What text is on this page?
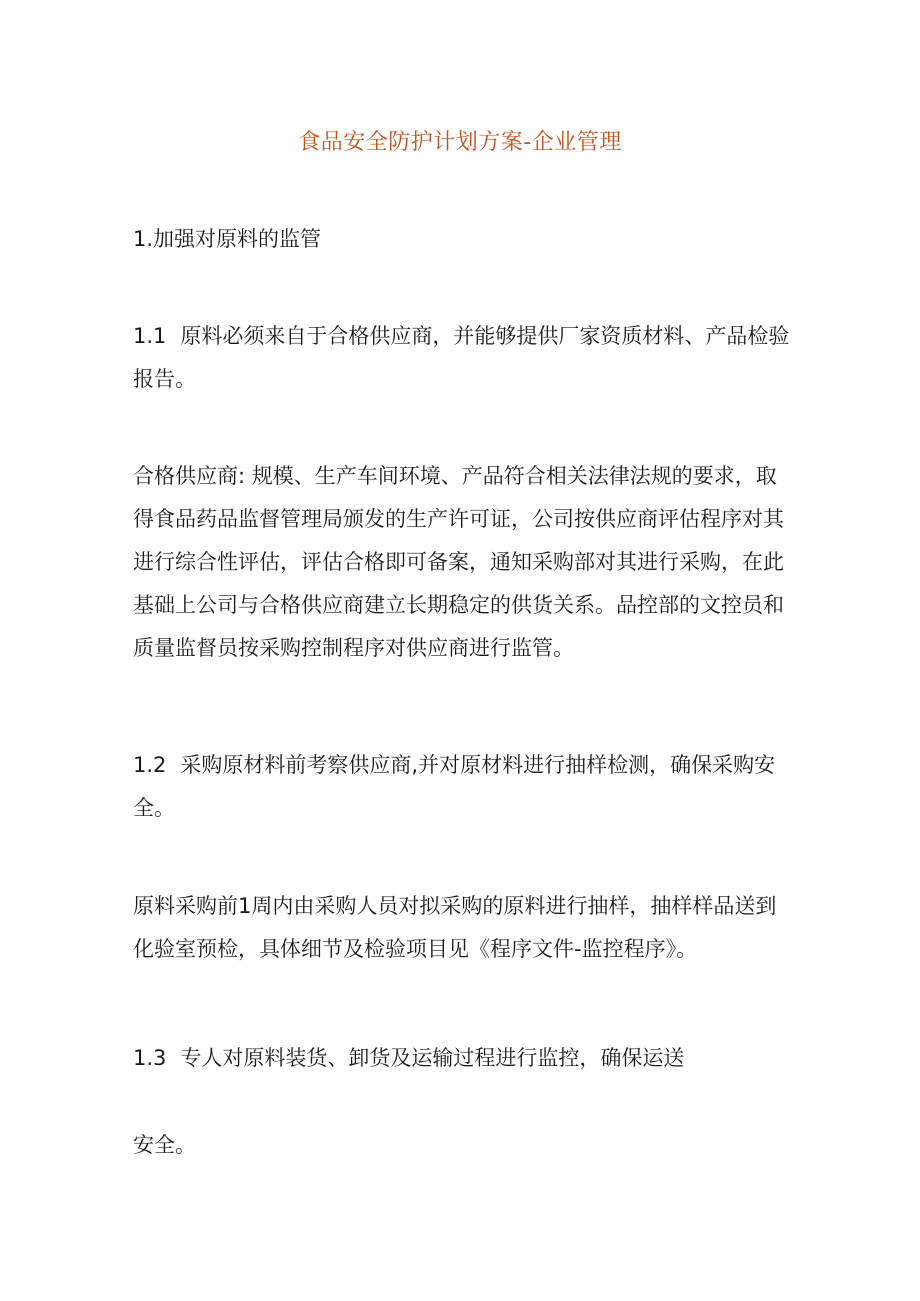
食品安全防护计划方案-企业管理

1.加强对原料的监管

1.1 原料必须来自于合格供应商，并能够提供厂家资质材料、产品检验报告。

合格供应商: 规模、生产车间环境、产品符合相关法律法规的要求，取得食品药品监督管理局颁发的生产许可证，公司按供应商评估程序对其进行综合性评估，评估合格即可备案，通知采购部对其进行采购，在此基础上公司与合格供应商建立长期稳定的供货关系。品控部的文控员和质量监督员按采购控制程序对供应商进行监管。

1.2 采购原材料前考察供应商,并对原材料进行抽样检测，确保采购安全。

原料采购前1周内由采购人员对拟采购的原料进行抽样，抽样样品送到化验室预检，具体细节及检验项目见《程序文件-监控程序》。

1.3 专人对原料装货、卸货及运输过程进行监控，确保运送

安全。
